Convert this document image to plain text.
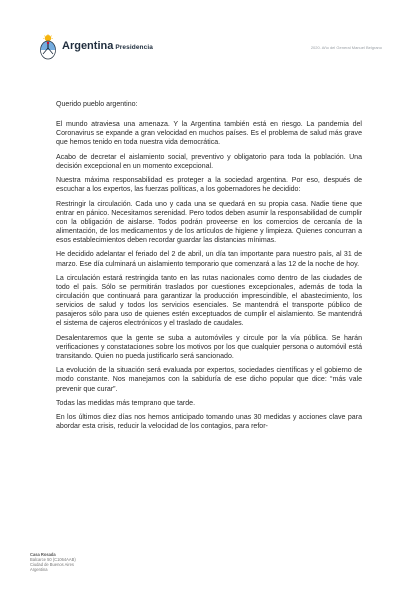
Argentina Presidencia	2020. Año del General Manuel Belgrano

Querido pueblo argentino:

El mundo atraviesa una amenaza. Y la Argentina también está en riesgo. La pandemia del Coronavirus se expande a gran velocidad en muchos países. Es el problema de salud más grave que hemos tenido en toda nuestra vida democrática.

Acabo de decretar el aislamiento social, preventivo y obligatorio para toda la población. Una decisión excepcional en un momento excepcional.

Nuestra máxima responsabilidad es proteger a la sociedad argentina. Por eso, después de escuchar a los expertos, las fuerzas políticas, a los gobernadores he decidido:

Restringir la circulación. Cada uno y cada una se quedará en su propia casa. Nadie tiene que entrar en pánico. Necesitamos serenidad. Pero todos deben asumir la responsabilidad de cumplir con la obligación de aislarse. Todos podrán proveerse en los comercios de cercanía de la alimentación, de los medicamentos y de los artículos de higiene y limpieza. Quienes concurran a esos establecimientos deben recordar guardar las distancias mínimas.

He decidido adelantar el feriado del 2 de abril, un día tan importante para nuestro país, al 31 de marzo. Ese día culminará un aislamiento temporario que comenzará a las 12 de la noche de hoy.

La circulación estará restringida tanto en las rutas nacionales como dentro de las ciudades de todo el país. Sólo se permitirán traslados por cuestiones excepcionales, además de toda la circulación que continuará para garantizar la producción imprescindible, el abastecimiento, los servicios de salud y todos los servicios esenciales. Se mantendrá el transporte público de pasajeros sólo para uso de quienes estén exceptuados de cumplir el aislamiento. Se mantendrá el sistema de cajeros electrónicos y el traslado de caudales.

Desalentaremos que la gente se suba a automóviles y circule por la vía pública. Se harán verificaciones y constataciones sobre los motivos por los que cualquier persona o automóvil está transitando. Quien no pueda justificarlo será sancionado.

La evolución de la situación será evaluada por expertos, sociedades científicas y el gobierno de modo constante. Nos manejamos con la sabiduría de ese dicho popular que dice: “más vale prevenir que curar”.

Todas las medidas más temprano que tarde.

En los últimos diez días nos hemos anticipado tomando unas 30 medidas y acciones clave para abordar esta crisis, reducir la velocidad de los contagios, para refor-

Casa Rosada
Balcarce 50 (C1064AAB)
Ciudad de Buenos Aires
Argentina
